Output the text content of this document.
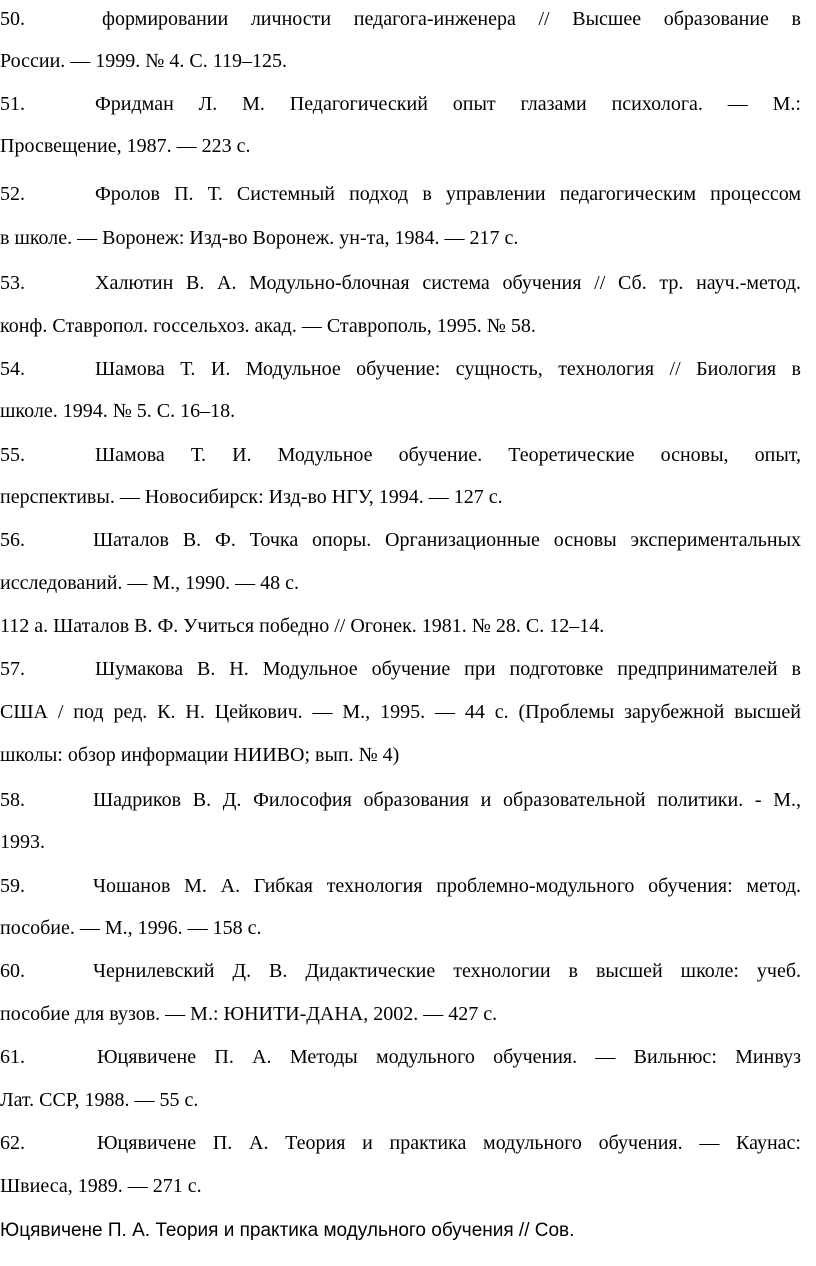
50.	формировании личности педагога-инженера // Высшее образование в
России. — 1999. № 4. С. 119–125.
51.	Фридман Л. М. Педагогический опыт глазами психолога. — М.:
Просвещение, 1987. — 223 с.
52.	Фролов П. Т. Системный подход в управлении педагогическим процессом
в школе. — Воронеж: Изд-во Воронеж. ун-та, 1984. — 217 с.
53.	Халютин В. А. Модульно-блочная система обучения // Сб. тр. науч.-метод.
конф. Ставропол. госсельхоз. акад. — Ставрополь, 1995. № 58.
54.	Шамова Т. И. Модульное обучение: сущность, технология // Биология в
школе. 1994. № 5. С. 16–18.
55.	Шамова Т. И. Модульное обучение. Теоретические основы, опыт,
перспективы. — Новосибирск: Изд-во НГУ, 1994. — 127 с.
56.	Шаталов В. Ф. Точка опоры. Организационные основы экспериментальных
исследований. — М., 1990. — 48 с.
112 а. Шаталов В. Ф. Учиться победно // Огонек. 1981. № 28. С. 12–14.
57.	Шумакова В. Н. Модульное обучение при подготовке предпринимателей в
США / под ред. К. Н. Цейкович. — М., 1995. — 44 с. (Проблемы зарубежной высшей
школы: обзор информации НИИВО; вып. № 4)
58.	Шадриков В. Д. Философия образования и образовательной политики. - М.,
1993.
59.	Чошанов М. А. Гибкая технология проблемно-модульного обучения: метод.
пособие. — М., 1996. — 158 с.
60.	Чернилевский Д. В. Дидактические технологии в высшей школе: учеб.
пособие для вузов. — М.: ЮНИТИ-ДАНА, 2002. — 427 с.
61.	Юцявичене П. А. Методы модульного обучения. — Вильнюс: Минвуз
Лат. ССР, 1988. — 55 с.
62.	Юцявичене П. А. Теория и практика модульного обучения. — Каунас:
Швиеса, 1989. — 271 с.
Юцявичене П. А. Теория и практика модульного обучения // Сов.
